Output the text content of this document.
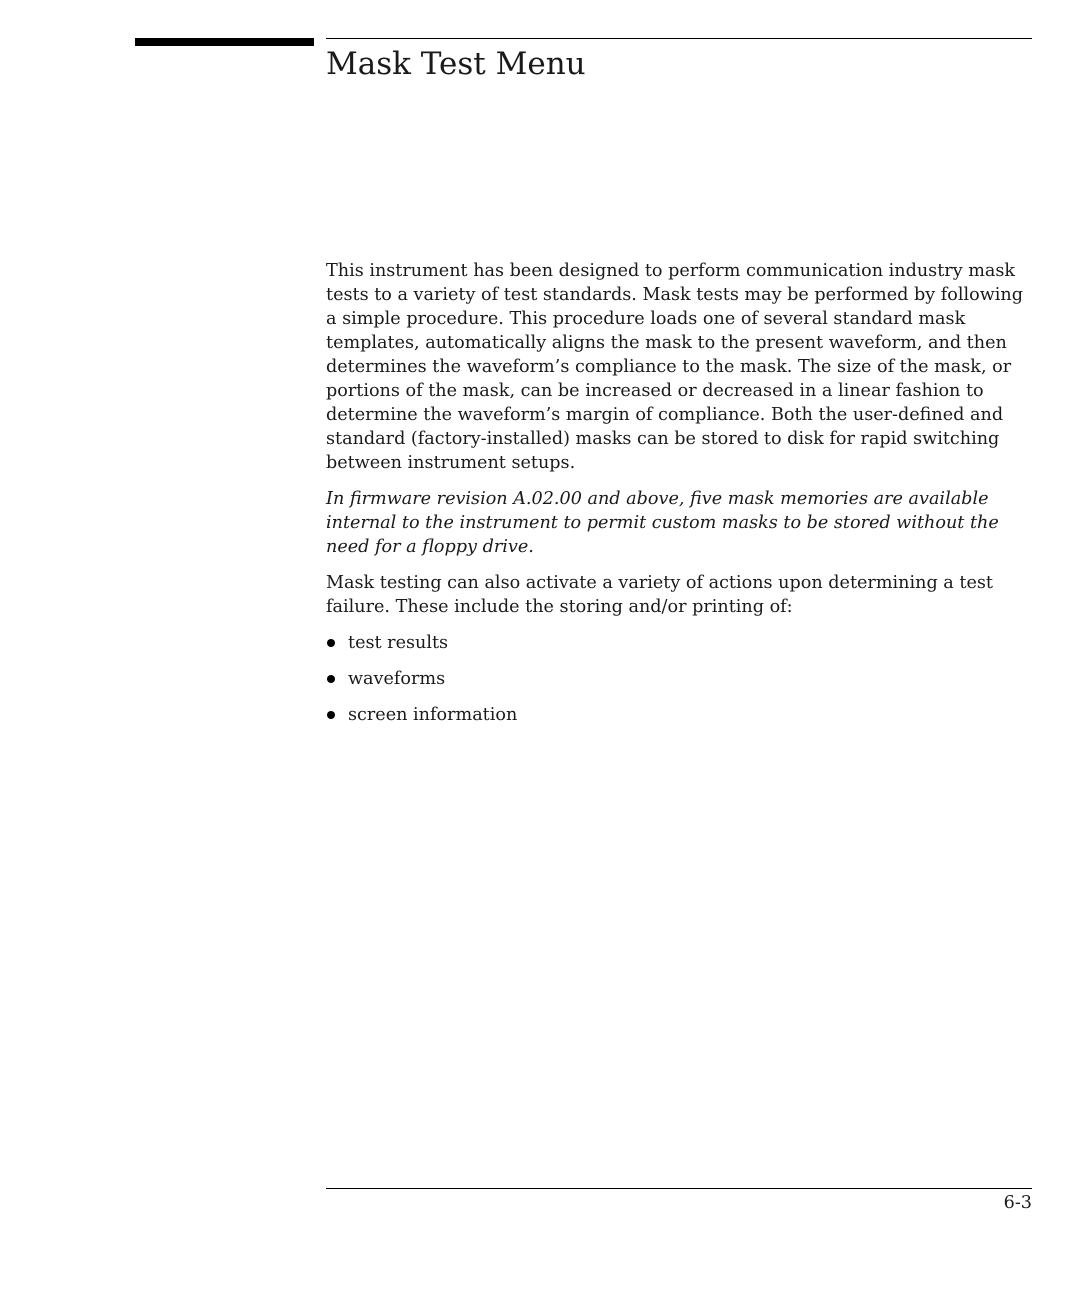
Mask Test Menu

This instrument has been designed to perform communication industry mask
tests to a variety of test standards. Mask tests may be performed by following
a simple procedure. This procedure loads one of several standard mask
templates, automatically aligns the mask to the present waveform, and then
determines the waveform’s compliance to the mask. The size of the mask, or
portions of the mask, can be increased or decreased in a linear fashion to
determine the waveform’s margin of compliance. Both the user-defined and
standard (factory-installed) masks can be stored to disk for rapid switching
between instrument setups.

In firmware revision A.02.00 and above, five mask memories are available
internal to the instrument to permit custom masks to be stored without the
need for a floppy drive.

Mask testing can also activate a variety of actions upon determining a test
failure. These include the storing and/or printing of:

test results
waveforms
screen information
6-3
